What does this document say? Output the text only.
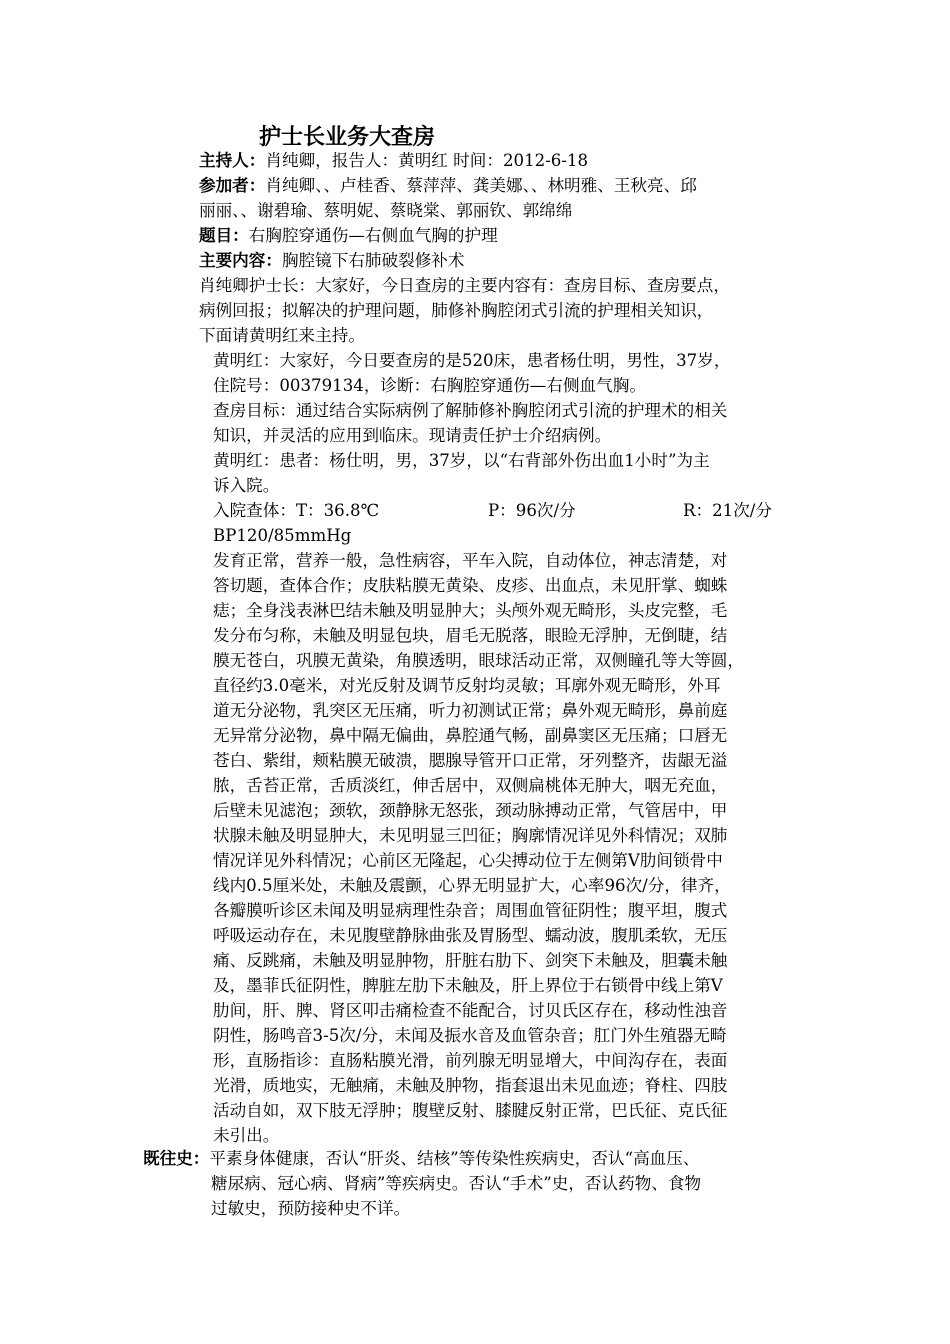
护士长业务大查房
主持人：肖纯卿，报告人：黄明红 时间：2012-6-18
参加者：肖纯卿、、卢桂香、蔡萍萍、龚美娜、、林明雅、王秋亮、邱
丽丽、、谢碧瑜、蔡明妮、蔡晓棠、郭丽钦、郭绵绵
题目：右胸腔穿通伤—右侧血气胸的护理
主要内容：胸腔镜下右肺破裂修补术
肖纯卿护士长：大家好，今日查房的主要内容有：查房目标、查房要点，
病例回报；拟解决的护理问题，肺修补胸腔闭式引流的护理相关知识，
下面请黄明红来主持。
黄明红：大家好，今日要查房的是520床，患者杨仕明，男性，37岁，
住院号：00379134，诊断：右胸腔穿通伤—右侧血气胸。
查房目标：通过结合实际病例了解肺修补胸腔闭式引流的护理术的相关
知识，并灵活的应用到临床。现请责任护士介绍病例。
黄明红：患者：杨仕明，男，37岁，以“右背部外伤出血1小时”为主
诉入院。
入院查体：T：36.8℃	P：96次/分	R：21次/分
BP120/85mmHg
发育正常，营养一般，急性病容，平车入院，自动体位，神志清楚，对
答切题，查体合作；皮肤粘膜无黄染、皮疹、出血点，未见肝掌、蜘蛛
痣；全身浅表淋巴结未触及明显肿大；头颅外观无畸形，头皮完整，毛
发分布匀称，未触及明显包块，眉毛无脱落，眼睑无浮肿，无倒睫，结
膜无苍白，巩膜无黄染，角膜透明，眼球活动正常，双侧瞳孔等大等圆，
直径约3.0毫米，对光反射及调节反射均灵敏；耳廓外观无畸形，外耳
道无分泌物，乳突区无压痛，听力初测试正常；鼻外观无畸形，鼻前庭
无异常分泌物，鼻中隔无偏曲，鼻腔通气畅，副鼻窦区无压痛；口唇无
苍白、紫绀，颊粘膜无破溃，腮腺导管开口正常，牙列整齐，齿龈无溢
脓，舌苔正常，舌质淡红，伸舌居中，双侧扁桃体无肿大，咽无充血，
后壁未见滤泡；颈软，颈静脉无怒张，颈动脉搏动正常，气管居中，甲
状腺未触及明显肿大，未见明显三凹征；胸廓情况详见外科情况；双肺
情况详见外科情况；心前区无隆起，心尖搏动位于左侧第Ⅴ肋间锁骨中
线内0.5厘米处，未触及震颤，心界无明显扩大，心率96次/分，律齐，
各瓣膜听诊区未闻及明显病理性杂音；周围血管征阴性；腹平坦，腹式
呼吸运动存在，未见腹壁静脉曲张及胃肠型、蠕动波，腹肌柔软，无压
痛、反跳痛，未触及明显肿物，肝脏右肋下、剑突下未触及，胆囊未触
及，墨菲氏征阴性，脾脏左肋下未触及，肝上界位于右锁骨中线上第Ⅴ
肋间，肝、脾、肾区叩击痛检查不能配合，讨贝氏区存在，移动性浊音
阴性，肠鸣音3-5次/分，未闻及振水音及血管杂音；肛门外生殖器无畸
形，直肠指诊：直肠粘膜光滑，前列腺无明显增大，中间沟存在，表面
光滑，质地实，无触痛，未触及肿物，指套退出未见血迹；脊柱、四肢
活动自如，双下肢无浮肿；腹壁反射、膝腱反射正常，巴氏征、克氏征
未引出。
既往史：平素身体健康，否认“肝炎、结核”等传染性疾病史，否认“高血压、
糖尿病、冠心病、肾病”等疾病史。否认“手术”史，否认药物、食物
过敏史，预防接种史不详。
